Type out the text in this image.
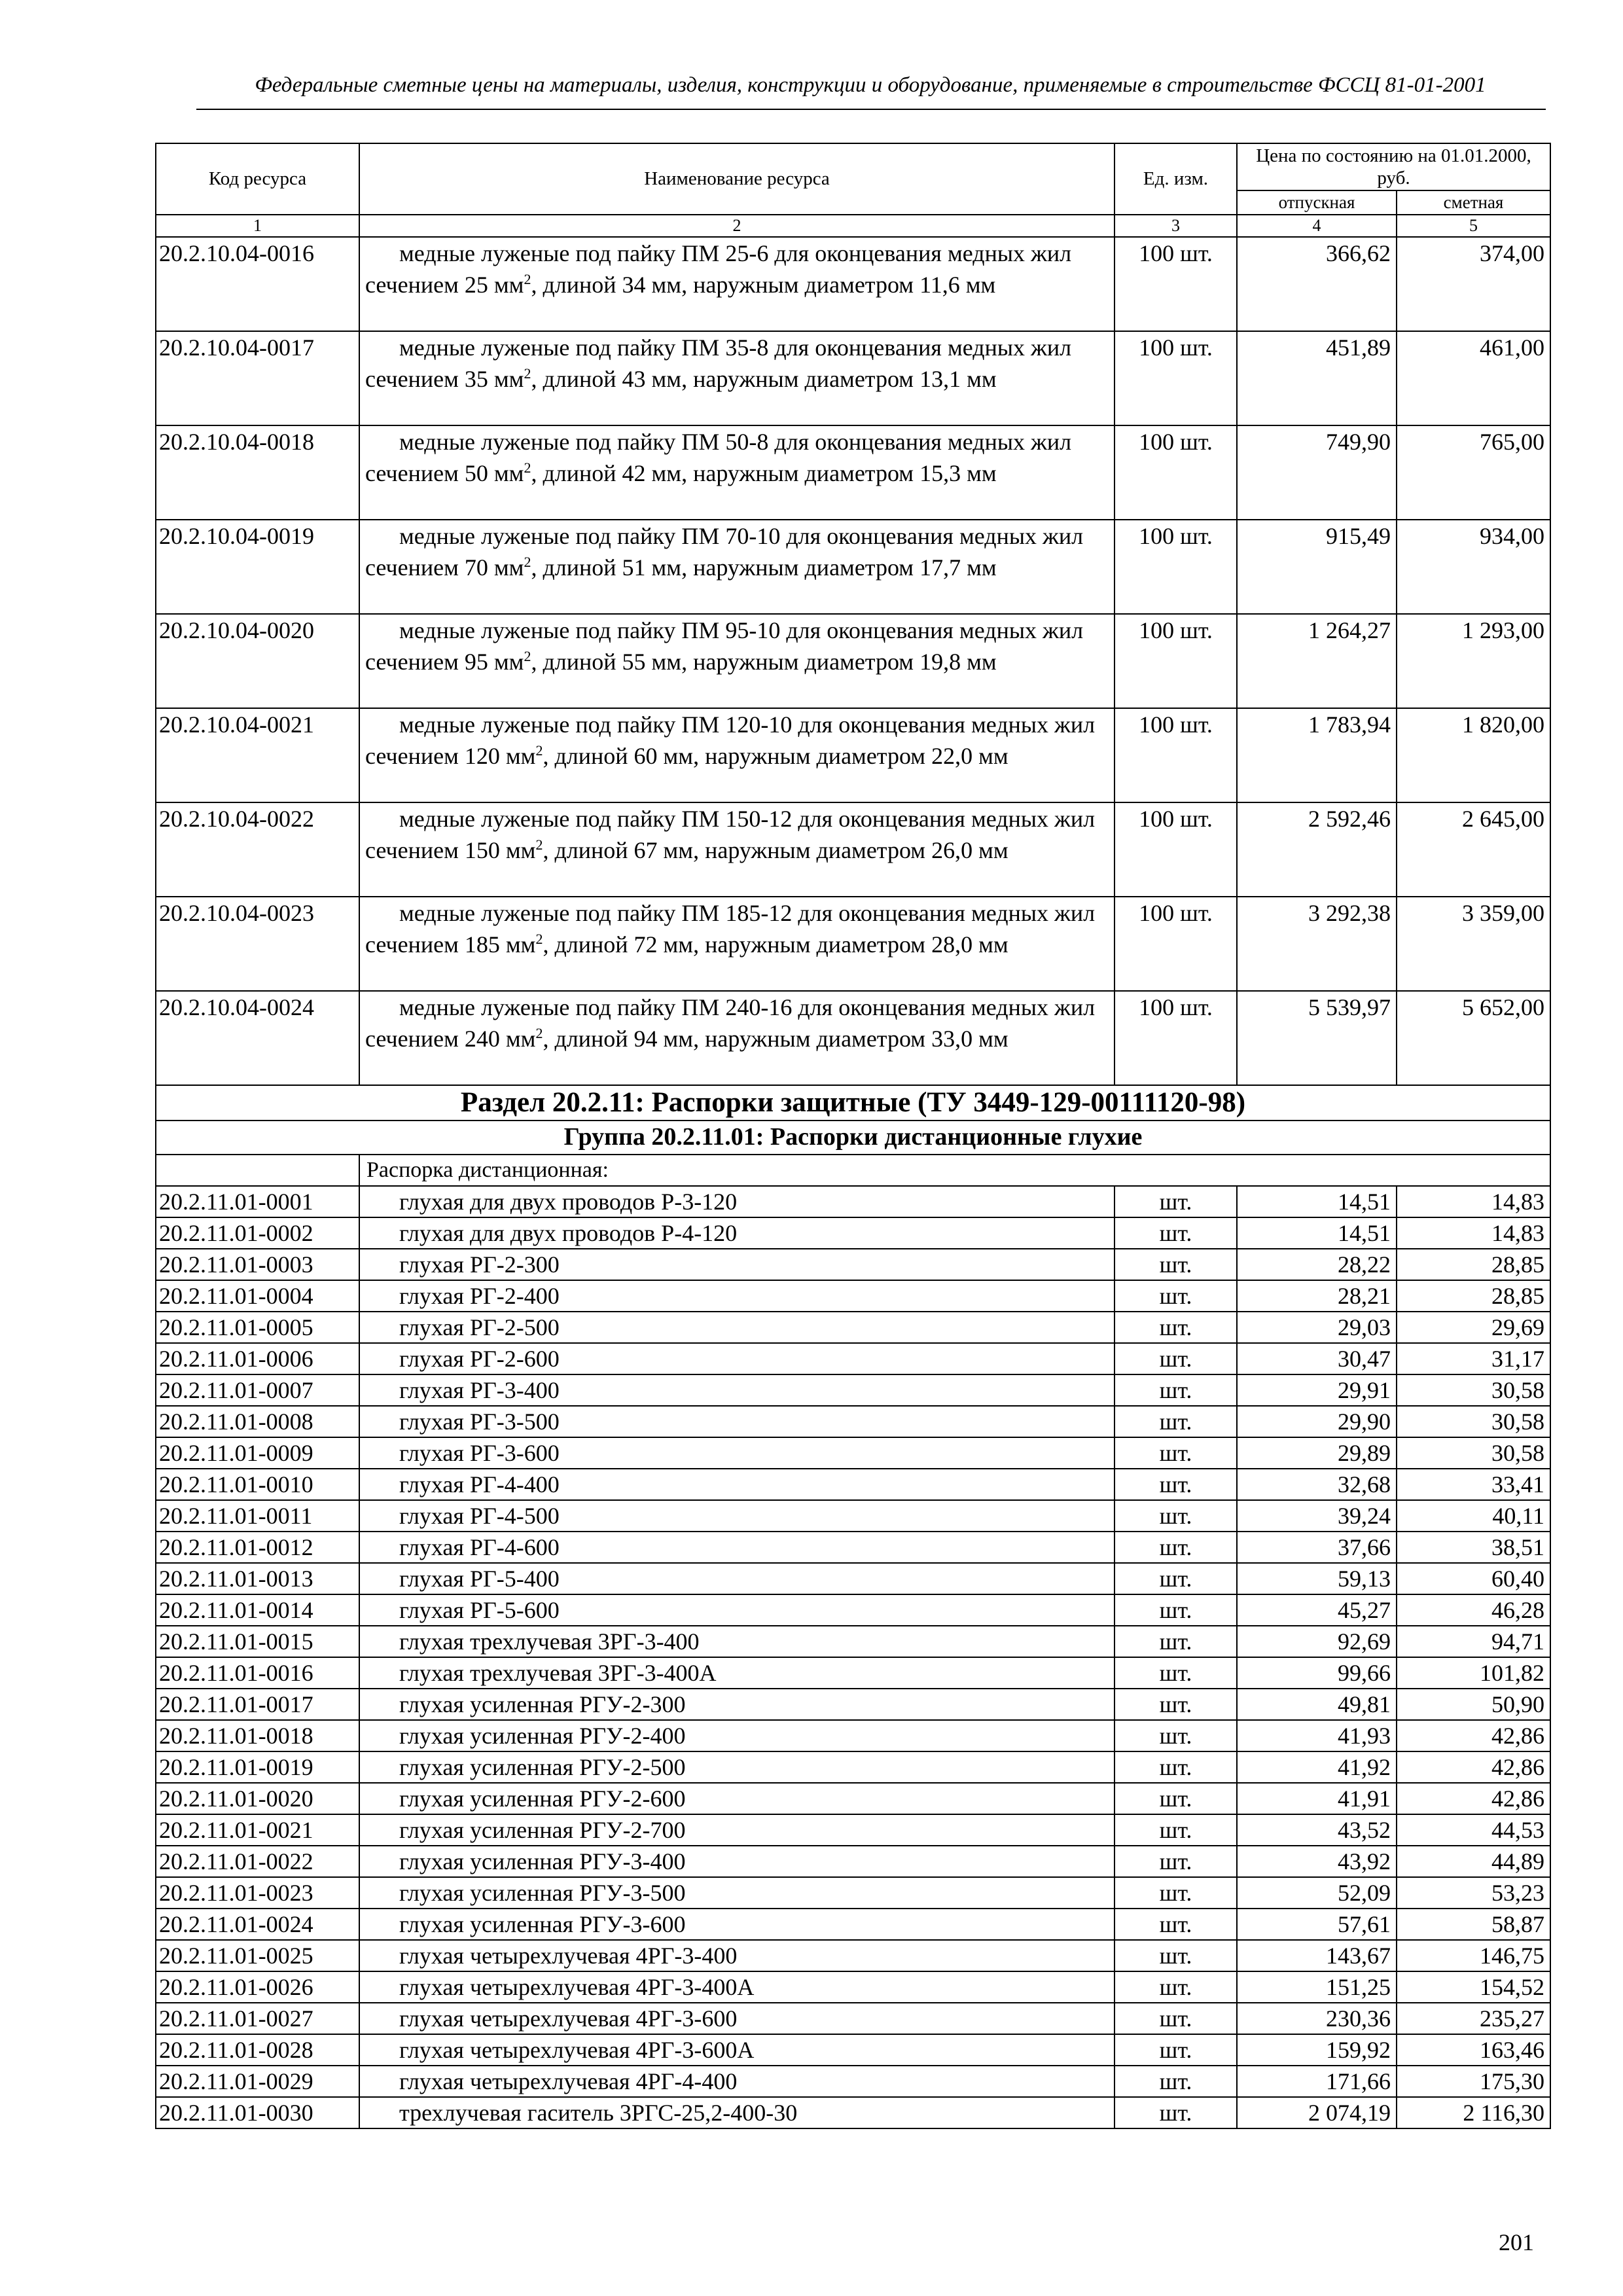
Федеральные сметные цены на материалы, изделия, конструкции и оборудование, применяемые в строительстве ФССЦ 81-01-2001
Код ресурса	Наименование ресурса	Ед. изм.	Цена по состоянию на 01.01.2000, руб.	
			отпускная	сметная
1	2	3	4	5
20.2.10.04-0016	медные луженые под пайку ПМ 25-6 для оконцевания медных жил сечением 25 $мм^2$, длиной 34 мм, наружным диаметром 11,6 мм	100 шт.	366,62	374,00
20.2.10.04-0017	медные луженые под пайку ПМ 35-8 для оконцевания медных жил сечением 35 $мм^2$, длиной 43 мм, наружным диаметром 13,1 мм	100 шт.	451,89	461,00
20.2.10.04-0018	медные луженые под пайку ПМ 50-8 для оконцевания медных жил сечением 50 $мм^2$, длиной 42 мм, наружным диаметром 15,3 мм	100 шт.	749,90	765,00
20.2.10.04-0019	медные луженые под пайку ПМ 70-10 для оконцевания медных жил сечением 70 $мм^2$, длиной 51 мм, наружным диаметром 17,7 мм	100 шт.	915,49	934,00
20.2.10.04-0020	медные луженые под пайку ПМ 95-10 для оконцевания медных жил сечением 95 $мм^2$, длиной 55 мм, наружным диаметром 19,8 мм	100 шт.	1 264,27	1 293,00
20.2.10.04-0021	медные луженые под пайку ПМ 120-10 для оконцевания медных жил сечением 120 $мм^2$, длиной 60 мм, наружным диаметром 22,0 мм	100 шт.	1 783,94	1 820,00
20.2.10.04-0022	медные луженые под пайку ПМ 150-12 для оконцевания медных жил сечением 150 $мм^2$, длиной 67 мм, наружным диаметром 26,0 мм	100 шт.	2 592,46	2 645,00
20.2.10.04-0023	медные луженые под пайку ПМ 185-12 для оконцевания медных жил сечением 185 $мм^2$, длиной 72 мм, наружным диаметром 28,0 мм	100 шт.	3 292,38	3 359,00
20.2.10.04-0024	медные луженые под пайку ПМ 240-16 для оконцевания медных жил сечением 240 $мм^2$, длиной 94 мм, наружным диаметром 33,0 мм	100 шт.	5 539,97	5 652,00
Раздел 20.2.11: Распорки защитные (ТУ 3449-129-00111120-98)				
Группа 20.2.11.01: Распорки дистанционные глухие				
	Распорка дистанционная:			
20.2.11.01-0001	глухая для двух проводов Р-3-120	шт.	14,51	14,83
20.2.11.01-0002	глухая для двух проводов Р-4-120	шт.	14,51	14,83
20.2.11.01-0003	глухая РГ-2-300	шт.	28,22	28,85
20.2.11.01-0004	глухая РГ-2-400	шт.	28,21	28,85
20.2.11.01-0005	глухая РГ-2-500	шт.	29,03	29,69
20.2.11.01-0006	глухая РГ-2-600	шт.	30,47	31,17
20.2.11.01-0007	глухая РГ-3-400	шт.	29,91	30,58
20.2.11.01-0008	глухая РГ-3-500	шт.	29,90	30,58
20.2.11.01-0009	глухая РГ-3-600	шт.	29,89	30,58
20.2.11.01-0010	глухая РГ-4-400	шт.	32,68	33,41
20.2.11.01-0011	глухая РГ-4-500	шт.	39,24	40,11
20.2.11.01-0012	глухая РГ-4-600	шт.	37,66	38,51
20.2.11.01-0013	глухая РГ-5-400	шт.	59,13	60,40
20.2.11.01-0014	глухая РГ-5-600	шт.	45,27	46,28
20.2.11.01-0015	глухая трехлучевая 3РГ-3-400	шт.	92,69	94,71
20.2.11.01-0016	глухая трехлучевая 3РГ-3-400А	шт.	99,66	101,82
20.2.11.01-0017	глухая усиленная РГУ-2-300	шт.	49,81	50,90
20.2.11.01-0018	глухая усиленная РГУ-2-400	шт.	41,93	42,86
20.2.11.01-0019	глухая усиленная РГУ-2-500	шт.	41,92	42,86
20.2.11.01-0020	глухая усиленная РГУ-2-600	шт.	41,91	42,86
20.2.11.01-0021	глухая усиленная РГУ-2-700	шт.	43,52	44,53
20.2.11.01-0022	глухая усиленная РГУ-3-400	шт.	43,92	44,89
20.2.11.01-0023	глухая усиленная РГУ-3-500	шт.	52,09	53,23
20.2.11.01-0024	глухая усиленная РГУ-3-600	шт.	57,61	58,87
20.2.11.01-0025	глухая четырехлучевая 4РГ-3-400	шт.	143,67	146,75
20.2.11.01-0026	глухая четырехлучевая 4РГ-3-400А	шт.	151,25	154,52
20.2.11.01-0027	глухая четырехлучевая 4РГ-3-600	шт.	230,36	235,27
20.2.11.01-0028	глухая четырехлучевая 4РГ-3-600А	шт.	159,92	163,46
20.2.11.01-0029	глухая четырехлучевая 4РГ-4-400	шт.	171,66	175,30
20.2.11.01-0030	трехлучевая гаситель 3РГС-25,2-400-30	шт.	2 074,19	2 116,30
201
